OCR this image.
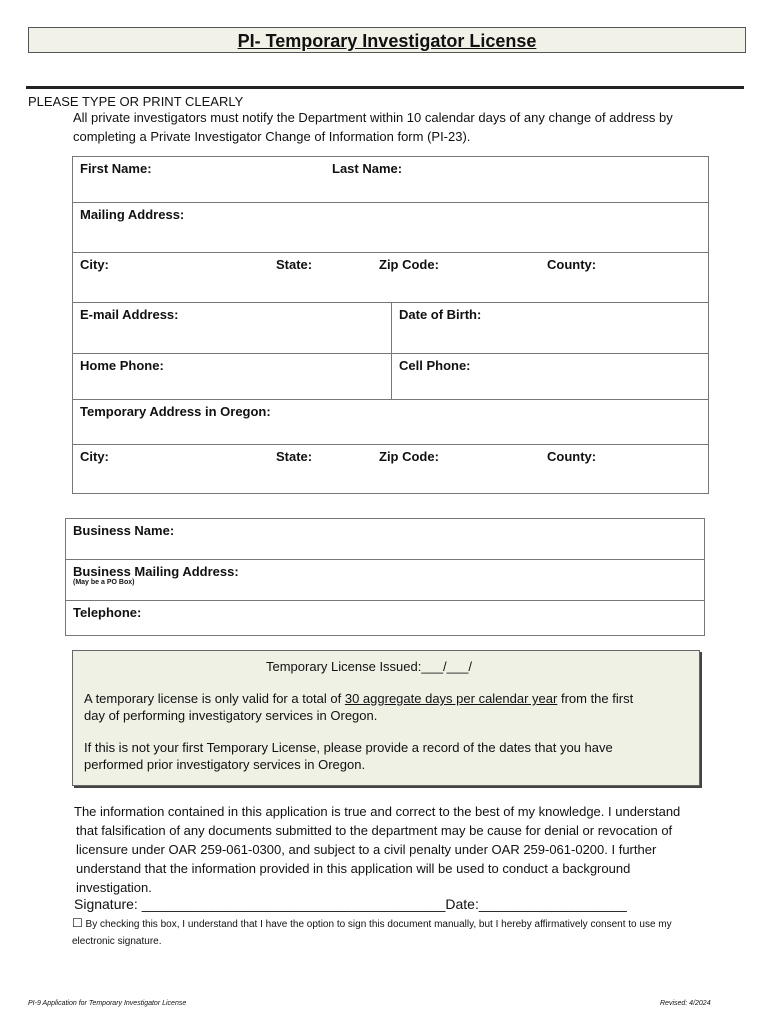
PI- Temporary Investigator License
PLEASE TYPE OR PRINT CLEARLY
All private investigators must notify the Department within 10 calendar days of any change of address by
completing a Private Investigator Change of Information form (PI-23).
First Name:	Last Name:
Mailing Address:
City:	State:	Zip Code:	County:
E-mail Address:	Date of Birth:
Home Phone:	Cell Phone:
Temporary Address in Oregon:
City:	State:	Zip Code:	County:
Business Name:
Business Mailing Address:
(May be a PO Box)
Telephone:

Temporary License Issued:___/___/

A temporary license is only valid for a total of 30 aggregate days per calendar year from the first

day of performing investigatory services in Oregon.

If this is not your first Temporary License, please provide a record of the dates that you have

performed prior investigatory services in Oregon.

The information contained in this application is true and correct to the best of my knowledge. I understand
that falsification of any documents submitted to the department may be cause for denial or revocation of
licensure under OAR 259-061-0300, and subject to a civil penalty under OAR 259-061-0200. I further
understand that the information provided in this application will be used to conduct a background
investigation.
Signature: _______________________________________Date:___________________
☐ By checking this box, I understand that I have the option to sign this document manually, but I hereby affirmatively consent to use my
electronic signature.
PI-9 Application for Temporary Investigator License	Revised: 4/2024
